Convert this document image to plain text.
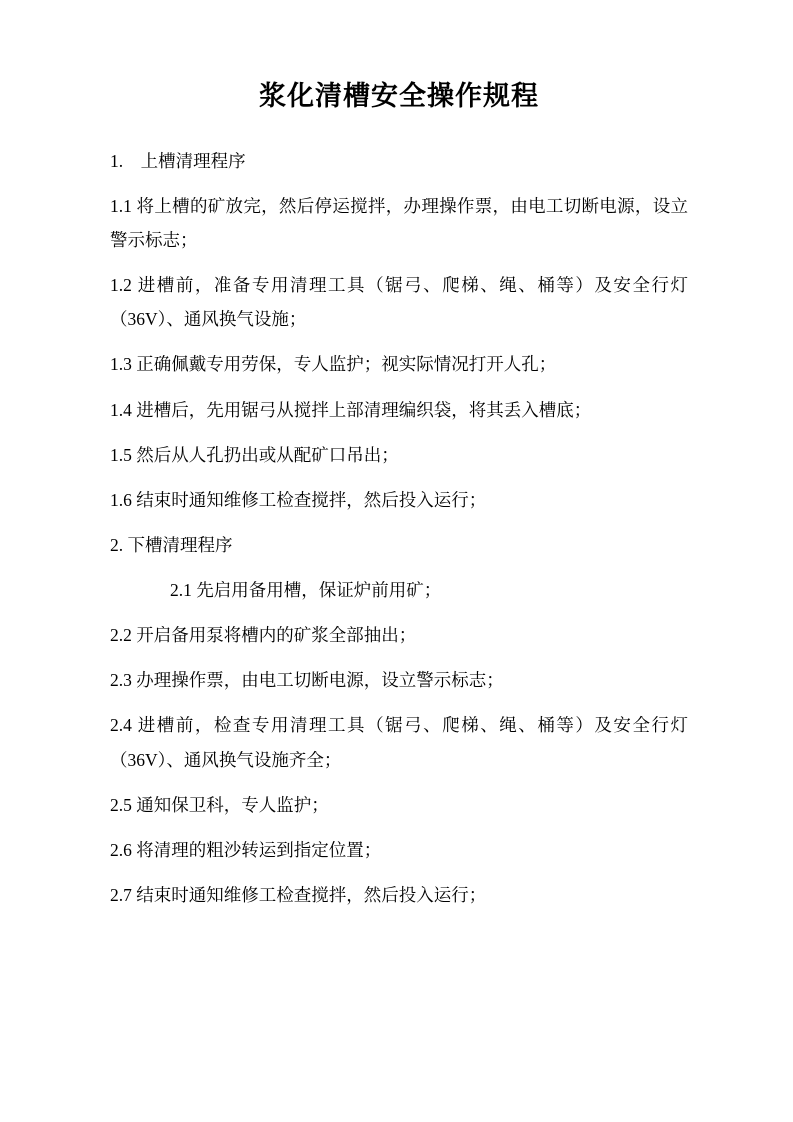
浆化清槽安全操作规程

1.　上槽清理程序

1.1 将上槽的矿放完，然后停运搅拌，办理操作票，由电工切断电源，设立警示标志；

1.2 进槽前，准备专用清理工具（锯弓、爬梯、绳、桶等）及安全行灯（36V）、通风换气设施；

1.3 正确佩戴专用劳保，专人监护；视实际情况打开人孔；

1.4 进槽后，先用锯弓从搅拌上部清理编织袋，将其丢入槽底；

1.5 然后从人孔扔出或从配矿口吊出；

1.6 结束时通知维修工检查搅拌，然后投入运行；

2. 下槽清理程序

2.1 先启用备用槽，保证炉前用矿；

2.2 开启备用泵将槽内的矿浆全部抽出；

2.3 办理操作票，由电工切断电源，设立警示标志；

2.4 进槽前，检查专用清理工具（锯弓、爬梯、绳、桶等）及安全行灯（36V）、通风换气设施齐全；

2.5 通知保卫科，专人监护；

2.6 将清理的粗沙转运到指定位置；

2.7 结束时通知维修工检查搅拌，然后投入运行；
